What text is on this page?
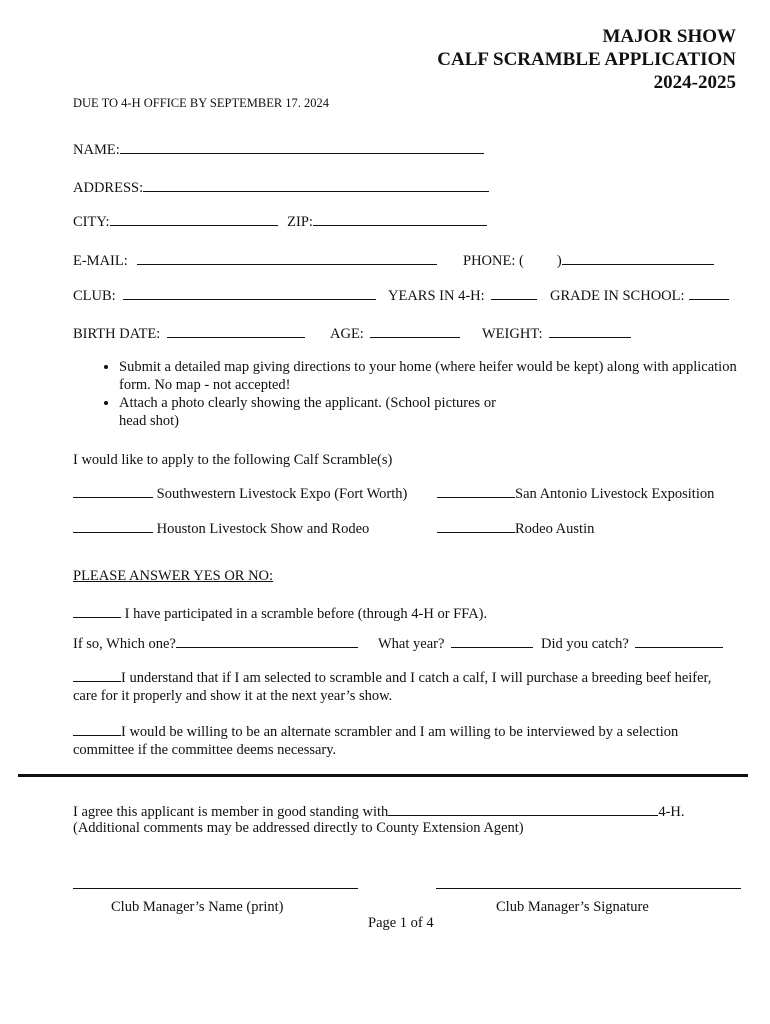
MAJOR SHOW
CALF SCRAMBLE APPLICATION
2024-2025
DUE TO 4-H OFFICE BY SEPTEMBER 17. 2024
NAME:
ADDRESS:
CITY:	ZIP:
E-MAIL:	PHONE: ( )
CLUB:	YEARS IN 4-H:	GRADE IN SCHOOL:
BIRTH DATE:	AGE:	WEIGHT:
• Submit a detailed map giving directions to your home (where heifer would be kept) along with application form. No map - not accepted!
• Attach a photo clearly showing the applicant. (School pictures or head shot)
I would like to apply to the following Calf Scramble(s)
Southwestern Livestock Expo (Fort Worth)	San Antonio Livestock Exposition
Houston Livestock Show and Rodeo	Rodeo Austin
PLEASE ANSWER YES OR NO:
I have participated in a scramble before (through 4-H or FFA).
If so, Which one?	What year?	Did you catch?
I understand that if I am selected to scramble and I catch a calf, I will purchase a breeding beef heifer, care for it properly and show it at the next year’s show.
I would be willing to be an alternate scrambler and I am willing to be interviewed by a selection committee if the committee deems necessary.
I agree this applicant is member in good standing with	4-H.
(Additional comments may be addressed directly to County Extension Agent)
Club Manager’s Name (print)	Club Manager’s Signature
Page 1 of 4
